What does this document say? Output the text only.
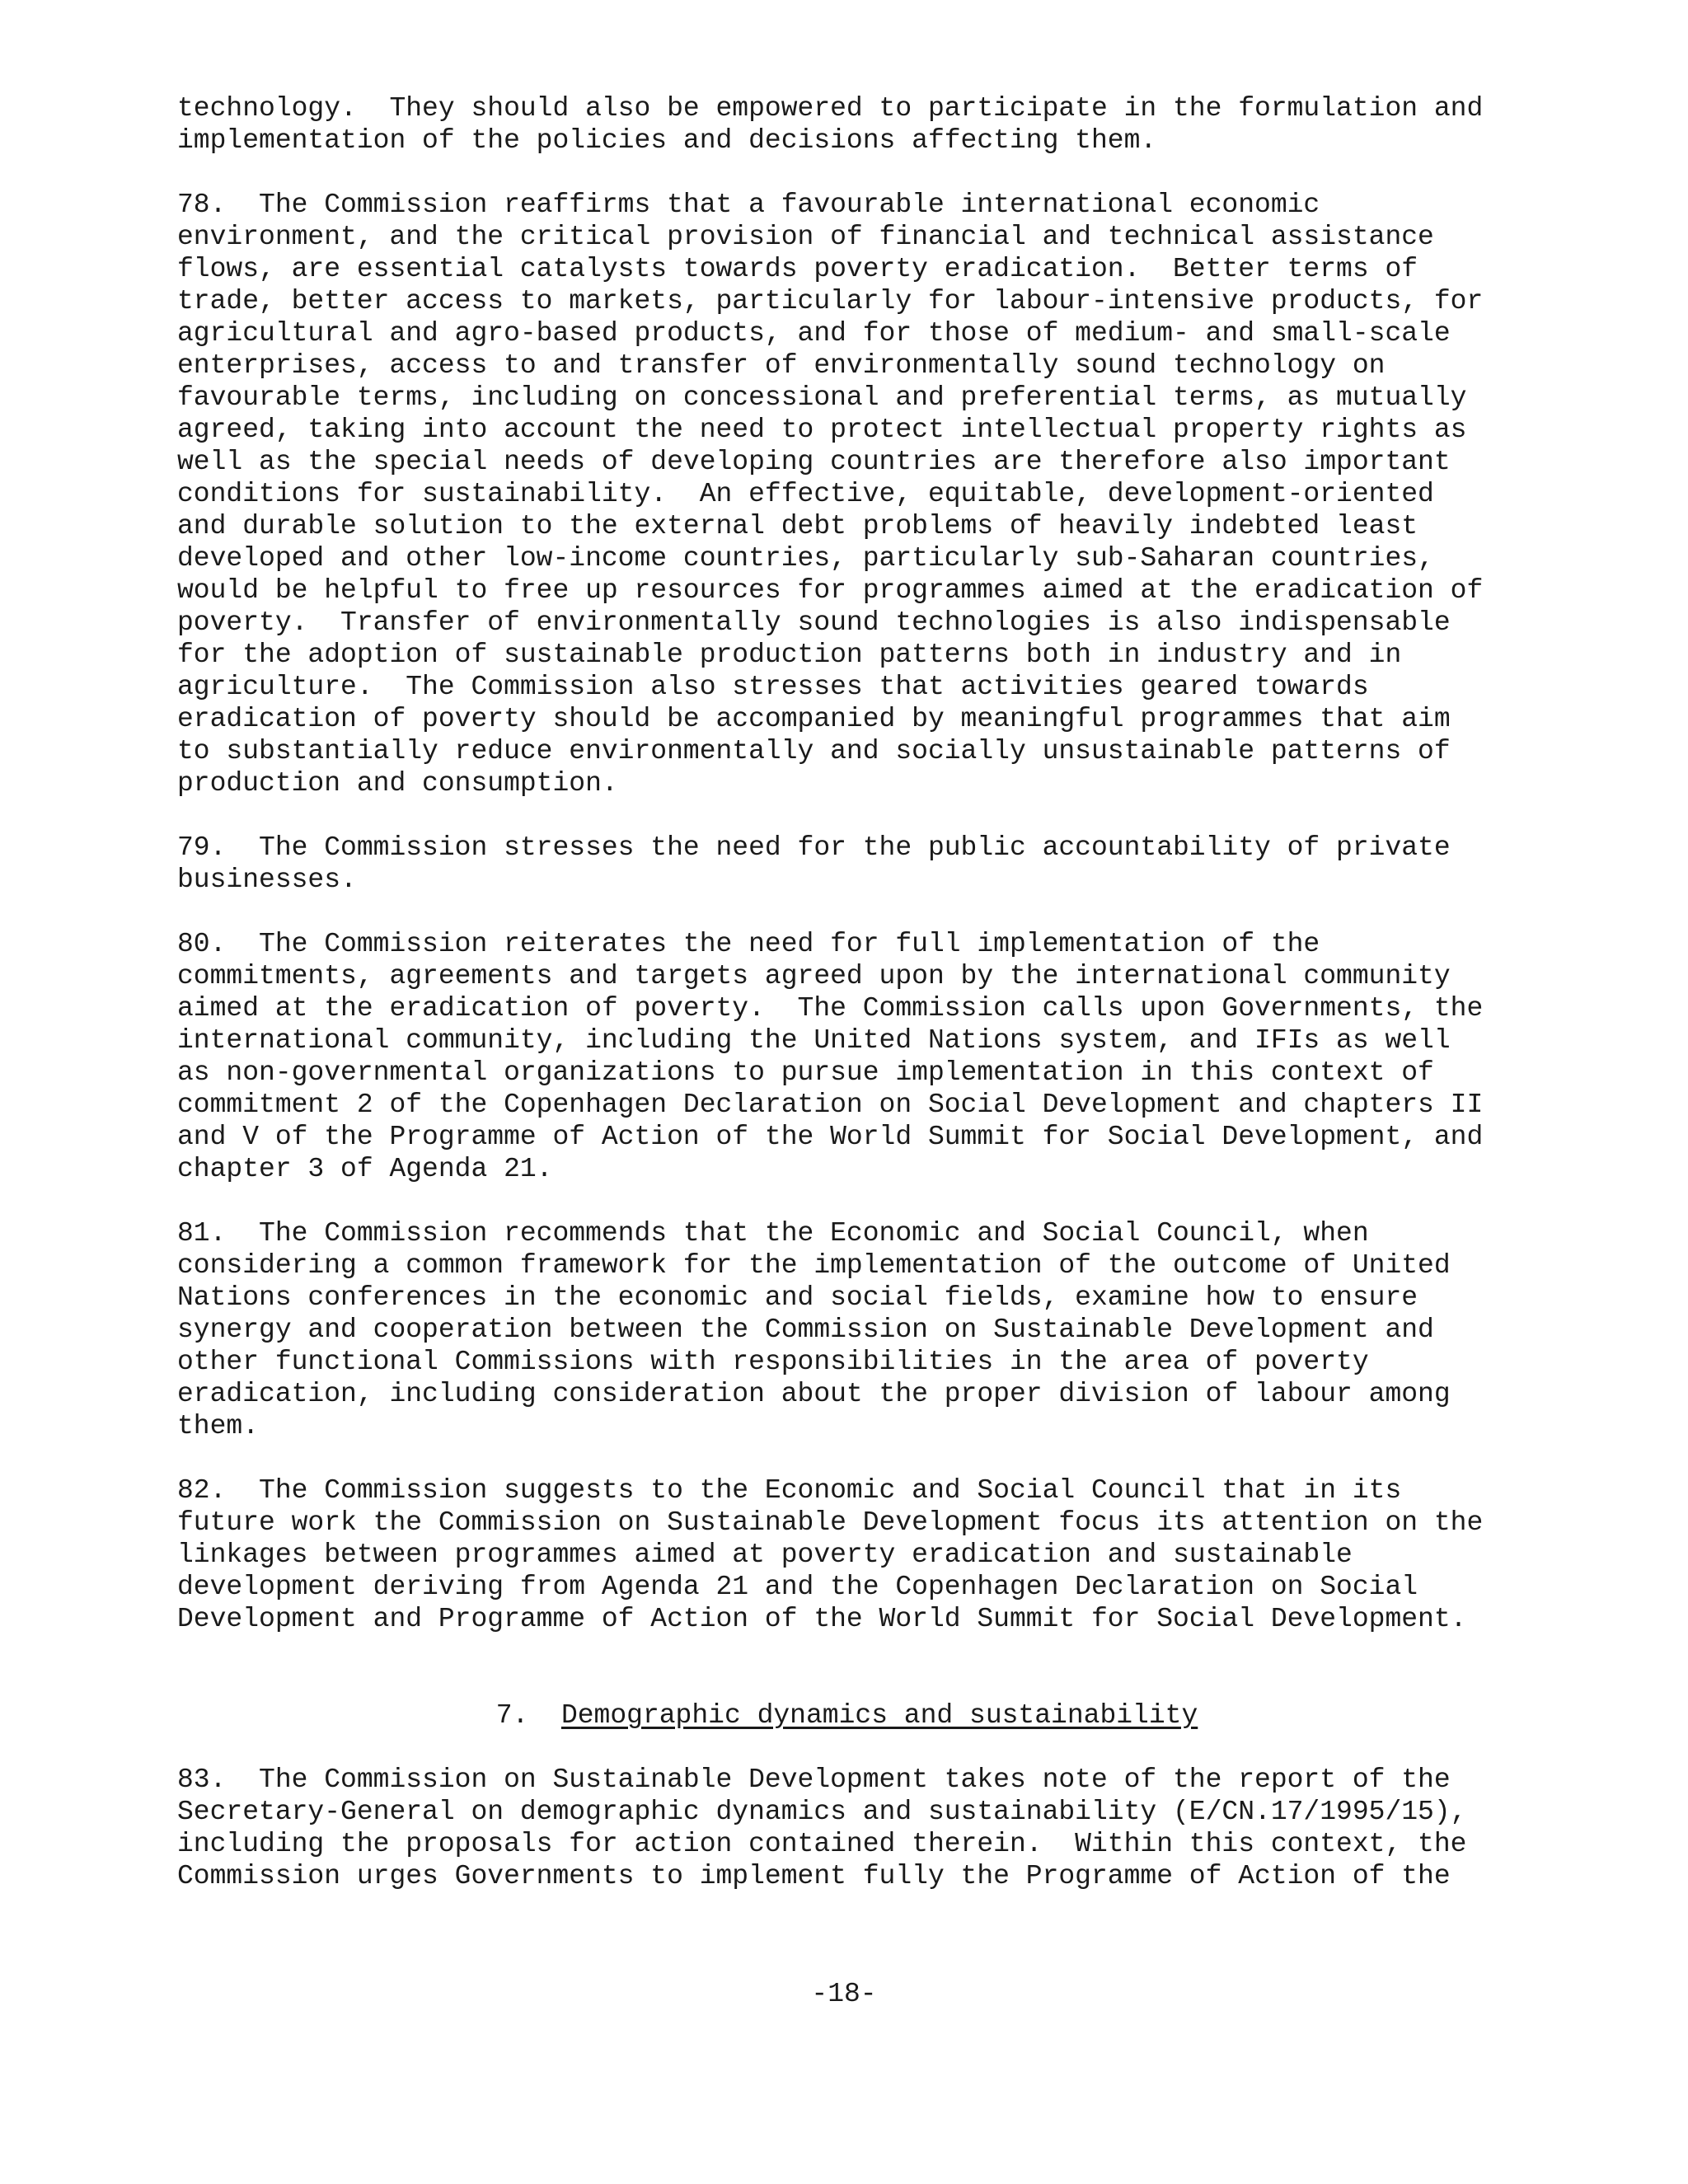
technology.  They should also be empowered to participate in the formulation and
implementation of the policies and decisions affecting them.
78.  The Commission reaffirms that a favourable international economic
environment, and the critical provision of financial and technical assistance
flows, are essential catalysts towards poverty eradication.  Better terms of
trade, better access to markets, particularly for labour-intensive products, for
agricultural and agro-based products, and for those of medium- and small-scale
enterprises, access to and transfer of environmentally sound technology on
favourable terms, including on concessional and preferential terms, as mutually
agreed, taking into account the need to protect intellectual property rights as
well as the special needs of developing countries are therefore also important
conditions for sustainability.  An effective, equitable, development-oriented
and durable solution to the external debt problems of heavily indebted least
developed and other low-income countries, particularly sub-Saharan countries,
would be helpful to free up resources for programmes aimed at the eradication of
poverty.  Transfer of environmentally sound technologies is also indispensable
for the adoption of sustainable production patterns both in industry and in
agriculture.  The Commission also stresses that activities geared towards
eradication of poverty should be accompanied by meaningful programmes that aim
to substantially reduce environmentally and socially unsustainable patterns of
production and consumption.
79.  The Commission stresses the need for the public accountability of private
businesses.
80.  The Commission reiterates the need for full implementation of the
commitments, agreements and targets agreed upon by the international community
aimed at the eradication of poverty.  The Commission calls upon Governments, the
international community, including the United Nations system, and IFIs as well
as non-governmental organizations to pursue implementation in this context of
commitment 2 of the Copenhagen Declaration on Social Development and chapters II
and V of the Programme of Action of the World Summit for Social Development, and
chapter 3 of Agenda 21.
81.  The Commission recommends that the Economic and Social Council, when
considering a common framework for the implementation of the outcome of United
Nations conferences in the economic and social fields, examine how to ensure
synergy and cooperation between the Commission on Sustainable Development and
other functional Commissions with responsibilities in the area of poverty
eradication, including consideration about the proper division of labour among
them.
82.  The Commission suggests to the Economic and Social Council that in its
future work the Commission on Sustainable Development focus its attention on the
linkages between programmes aimed at poverty eradication and sustainable
development deriving from Agenda 21 and the Copenhagen Declaration on Social
Development and Programme of Action of the World Summit for Social Development.
7. Demographic dynamics and sustainability
83.  The Commission on Sustainable Development takes note of the report of the
Secretary-General on demographic dynamics and sustainability (E/CN.17/1995/15),
including the proposals for action contained therein.  Within this context, the
Commission urges Governments to implement fully the Programme of Action of the
-18-
